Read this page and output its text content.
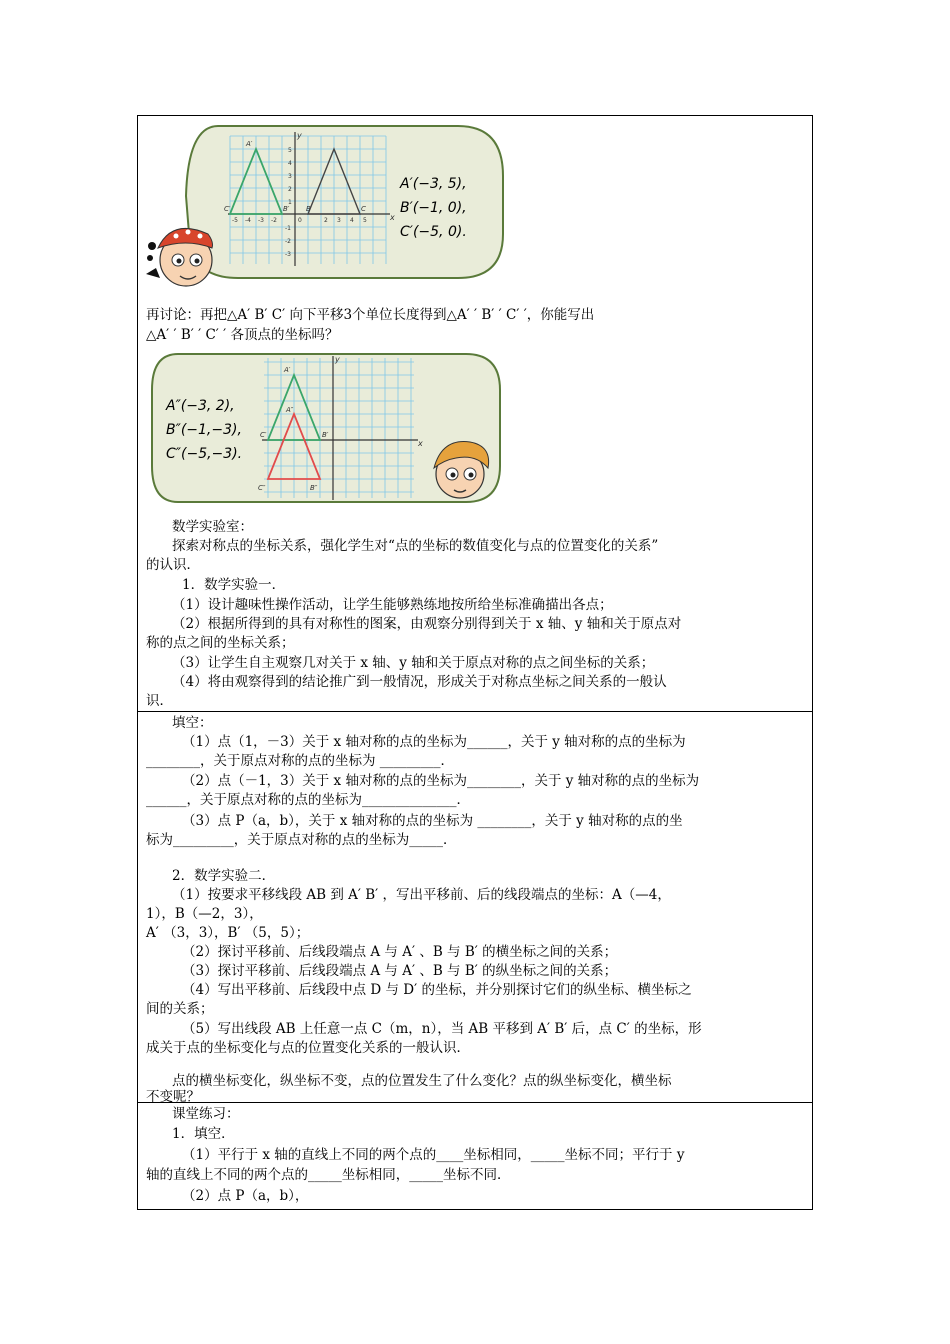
-5 -4 -3 -2	0	2 3 4 5
5
4
3
2
1
-1
-2
-3
x
y
A′
C′	B′ B	C
A′(−3, 5),
B′(−1, 0),
C′(−5, 0).
再讨论：再把△A′ B′ C′ 向下平移3个单位长度得到△A′ ′ B′ ′ C′ ′，你能写出
△A′ ′ B′ ′ C′ ′ 各顶点的坐标吗？
x
y
A′
A″
C′	B′
C″	B″
A″(−3, 2),
B″(−1,−3),
C″(−5,−3).
数学实验室：
探索对称点的坐标关系，强化学生对“点的坐标的数值变化与点的位置变化的关系”
的认识．
1．数学实验一．
（1）设计趣味性操作活动，让学生能够熟练地按所给坐标准确描出各点；
（2）根据所得到的具有对称性的图案，由观察分别得到关于 x 轴、y 轴和关于原点对
称的点之间的坐标关系；
（3）让学生自主观察几对关于 x 轴、y 轴和关于原点对称的点之间坐标的关系；
（4）将由观察得到的结论推广到一般情况，形成关于对称点坐标之间关系的一般认
识．
填空：
（1）点（1，－3）关于 x 轴对称的点的坐标为______，关于 y 轴对称的点的坐标为
________，关于原点对称的点的坐标为 _________．
（2）点（－1，3）关于 x 轴对称的点的坐标为________，关于 y 轴对称的点的坐标为
______，关于原点对称的点的坐标为______________．
（3）点 P（a，b），关于 x 轴对称的点的坐标为 ________，关于 y 轴对称的点的坐
标为_________，关于原点对称的点的坐标为_____．
2．数学实验二．
（1）按要求平移线段 AB 到 A′ B′ ，写出平移前、后的线段端点的坐标：A（—4，
1），B（—2，3），
A′ （3，3），B′ （5，5）；
（2）探讨平移前、后线段端点 A 与 A′ 、B 与 B′ 的横坐标之间的关系；
（3）探讨平移前、后线段端点 A 与 A′ 、B 与 B′ 的纵坐标之间的关系；
（4）写出平移前、后线段中点 D 与 D′ 的坐标，并分别探讨它们的纵坐标、横坐标之
间的关系；
（5）写出线段 AB 上任意一点 C（m，n），当 AB 平移到 A′ B′ 后，点 C′ 的坐标，形
成关于点的坐标变化与点的位置变化关系的一般认识．
点的横坐标变化，纵坐标不变，点的位置发生了什么变化？点的纵坐标变化，横坐标
不变呢？
课堂练习：
1．填空．
（1）平行于 x 轴的直线上不同的两个点的____坐标相同，_____坐标不同；平行于 y
轴的直线上不同的两个点的_____坐标相同，_____坐标不同．
（2）点 P（a，b），
